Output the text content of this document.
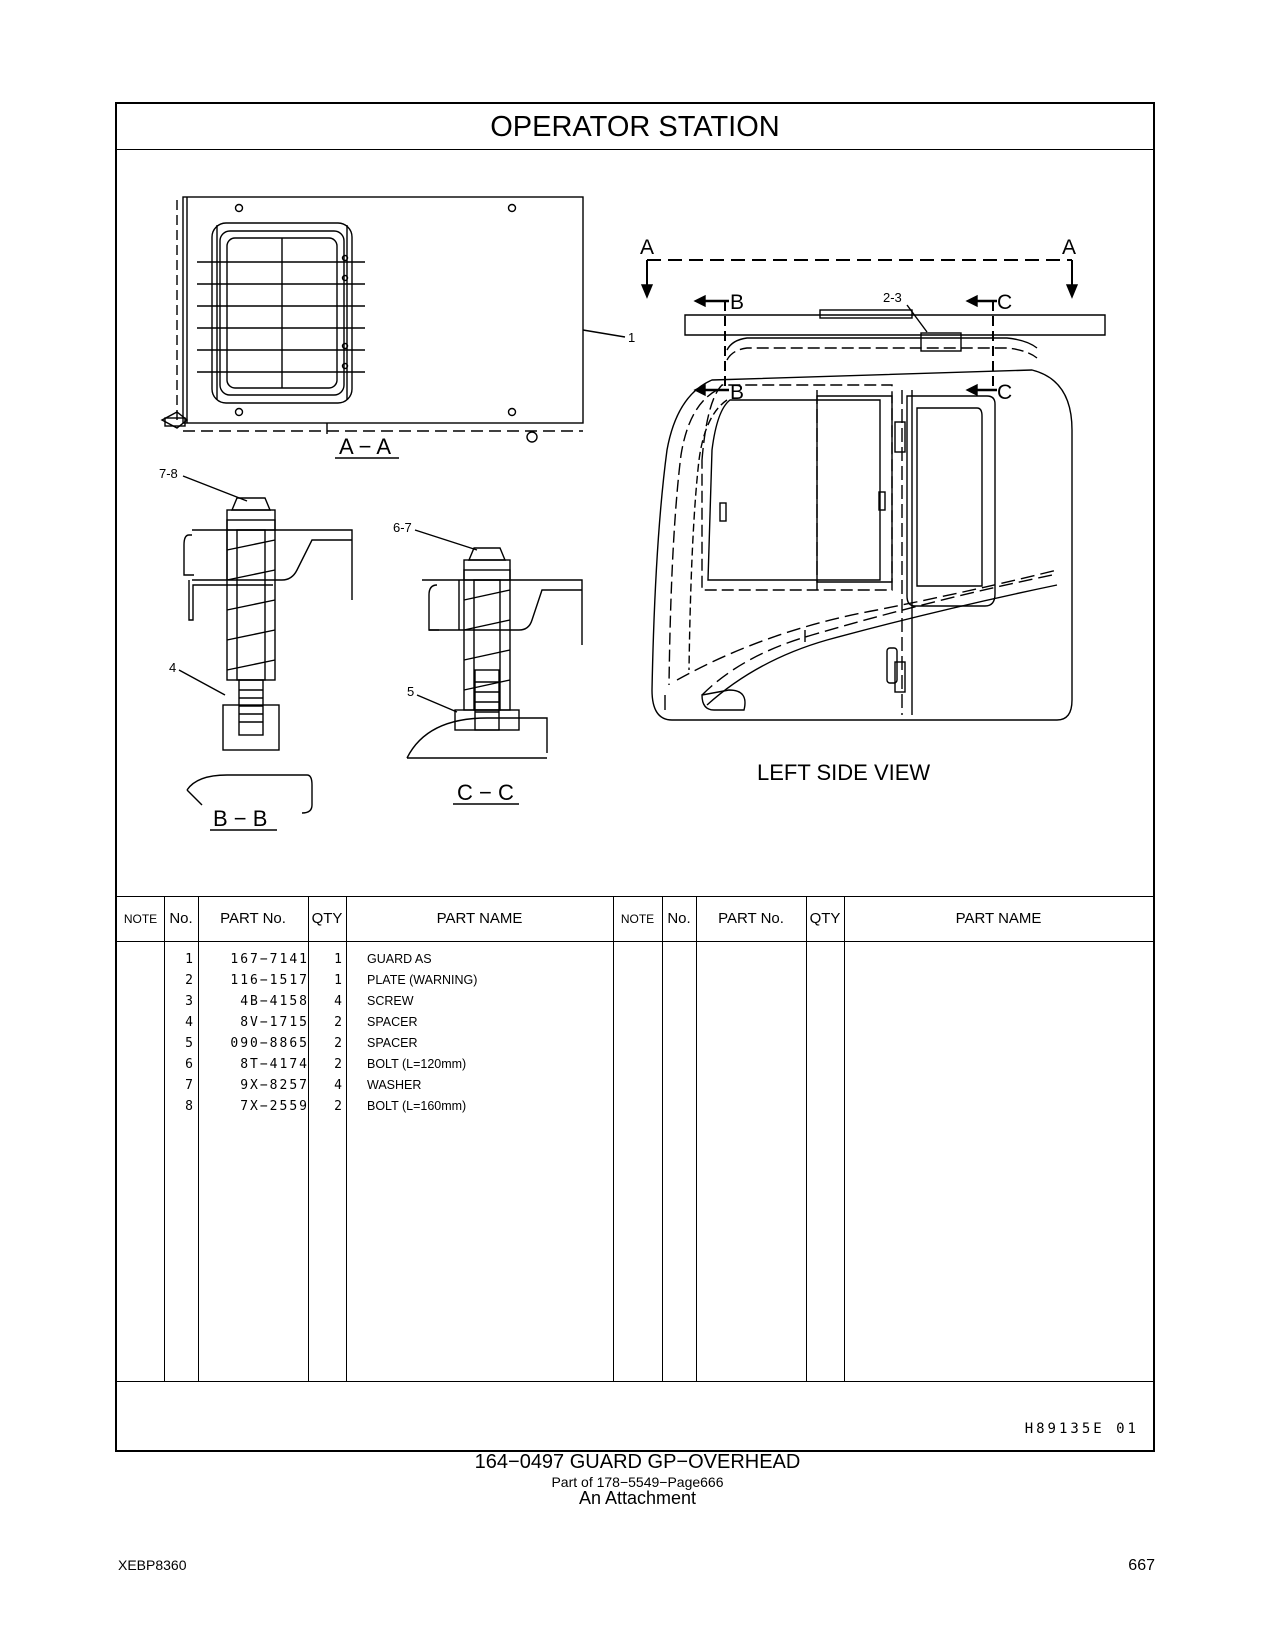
OPERATOR STATION
A − A
B − B
C − C
LEFT SIDE VIEW
A	A
B
B
C
C
1
2-3
7-8
6-7
4
5
NOTE No.	PART No.	QTY	PART NAME	NOTE No.	PART No.	QTY	PART NAME
1	167−7141	1 GUARD AS
2	116−1517	1 PLATE (WARNING)
3	4B−4158	4 SCREW
4	8V−1715	2 SPACER
5	090−8865	2 SPACER
6	8T−4174	2 BOLT (L=120mm)
7	9X−8257	4 WASHER
8	7X−2559	2 BOLT (L=160mm)
H89135E 01
164−0497 GUARD GP−OVERHEAD
Part of 178−5549−Page666
An Attachment
XEBP8360	667
